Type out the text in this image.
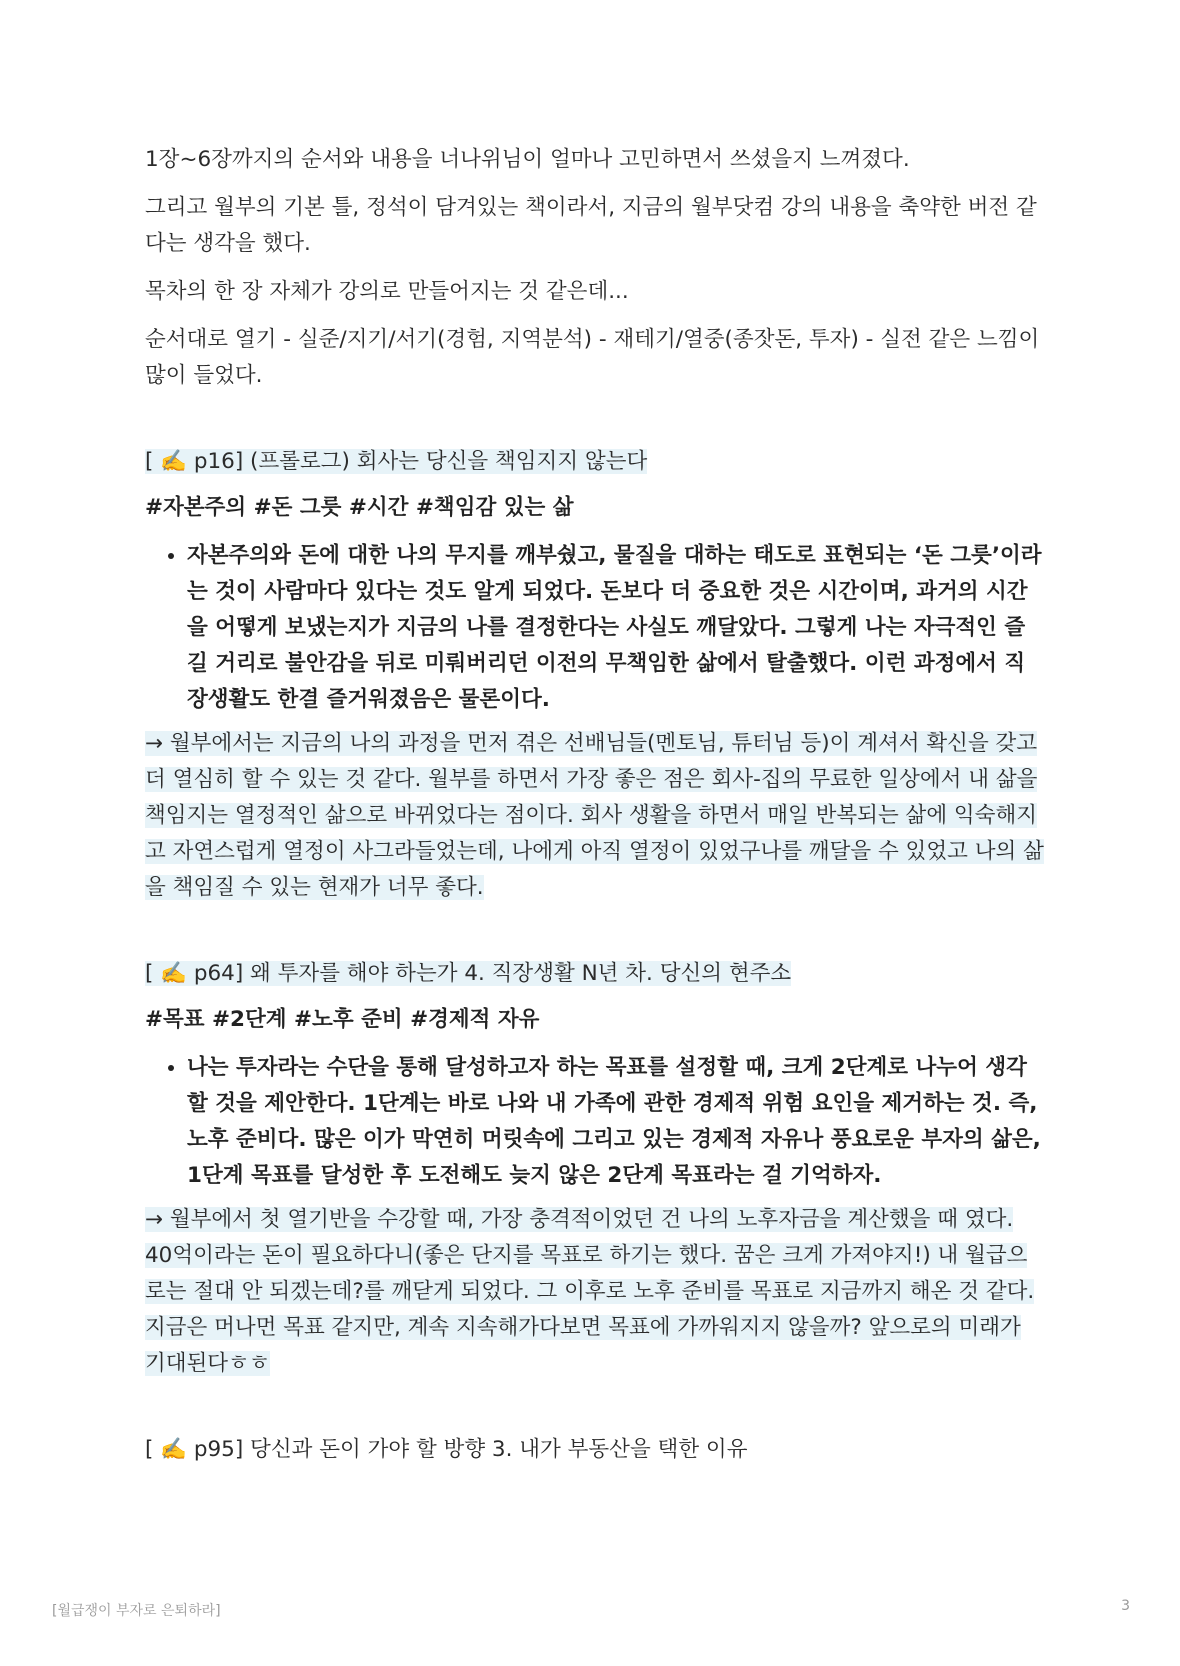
1장~6장까지의 순서와 내용을 너나위님이 얼마나 고민하면서 쓰셨을지 느껴졌다.

그리고 월부의 기본 틀, 정석이 담겨있는 책이라서, 지금의 월부닷컴 강의 내용을 축약한 버전 같다는 생각을 했다.

목차의 한 장 자체가 강의로 만들어지는 것 같은데...

순서대로 열기 - 실준/지기/서기(경험, 지역분석) - 재테기/열중(종잣돈, 투자) - 실전 같은 느낌이 많이 들었다.

[ ✍️ p16] (프롤로그) 회사는 당신을 책임지지 않는다

#자본주의 #돈 그릇 #시간 #책임감 있는 삶

• 자본주의와 돈에 대한 나의 무지를 깨부쉈고, 물질을 대하는 태도로 표현되는 ‘돈 그릇’이라는 것이 사람마다 있다는 것도 알게 되었다. 돈보다 더 중요한 것은 시간이며, 과거의 시간을 어떻게 보냈는지가 지금의 나를 결정한다는 사실도 깨달았다. 그렇게 나는 자극적인 즐길 거리로 불안감을 뒤로 미뤄버리던 이전의 무책임한 삶에서 탈출했다. 이런 과정에서 직장생활도 한결 즐거워졌음은 물론이다.

→ 월부에서는 지금의 나의 과정을 먼저 겪은 선배님들(멘토님, 튜터님 등)이 계셔서 확신을 갖고 더 열심히 할 수 있는 것 같다. 월부를 하면서 가장 좋은 점은 회사-집의 무료한 일상에서 내 삶을 책임지는 열정적인 삶으로 바뀌었다는 점이다. 회사 생활을 하면서 매일 반복되는 삶에 익숙해지고 자연스럽게 열정이 사그라들었는데, 나에게 아직 열정이 있었구나를 깨달을 수 있었고 나의 삶을 책임질 수 있는 현재가 너무 좋다.

[ ✍️ p64] 왜 투자를 해야 하는가 4. 직장생활 N년 차. 당신의 현주소

#목표 #2단계 #노후 준비 #경제적 자유

• 나는 투자라는 수단을 통해 달성하고자 하는 목표를 설정할 때, 크게 2단계로 나누어 생각할 것을 제안한다. 1단계는 바로 나와 내 가족에 관한 경제적 위험 요인을 제거하는 것. 즉, 노후 준비다. 많은 이가 막연히 머릿속에 그리고 있는 경제적 자유나 풍요로운 부자의 삶은, 1단계 목표를 달성한 후 도전해도 늦지 않은 2단계 목표라는 걸 기억하자.

→ 월부에서 첫 열기반을 수강할 때, 가장 충격적이었던 건 나의 노후자금을 계산했을 때 였다. 40억이라는 돈이 필요하다니(좋은 단지를 목표로 하기는 했다. 꿈은 크게 가져야지!) 내 월급으로는 절대 안 되겠는데?를 깨닫게 되었다. 그 이후로 노후 준비를 목표로 지금까지 해온 것 같다. 지금은 머나먼 목표 같지만, 계속 지속해가다보면 목표에 가까워지지 않을까? 앞으로의 미래가 기대된다ㅎㅎ

[ ✍️ p95] 당신과 돈이 가야 할 방향 3. 내가 부동산을 택한 이유

[월급쟁이 부자로 은퇴하라]	3
